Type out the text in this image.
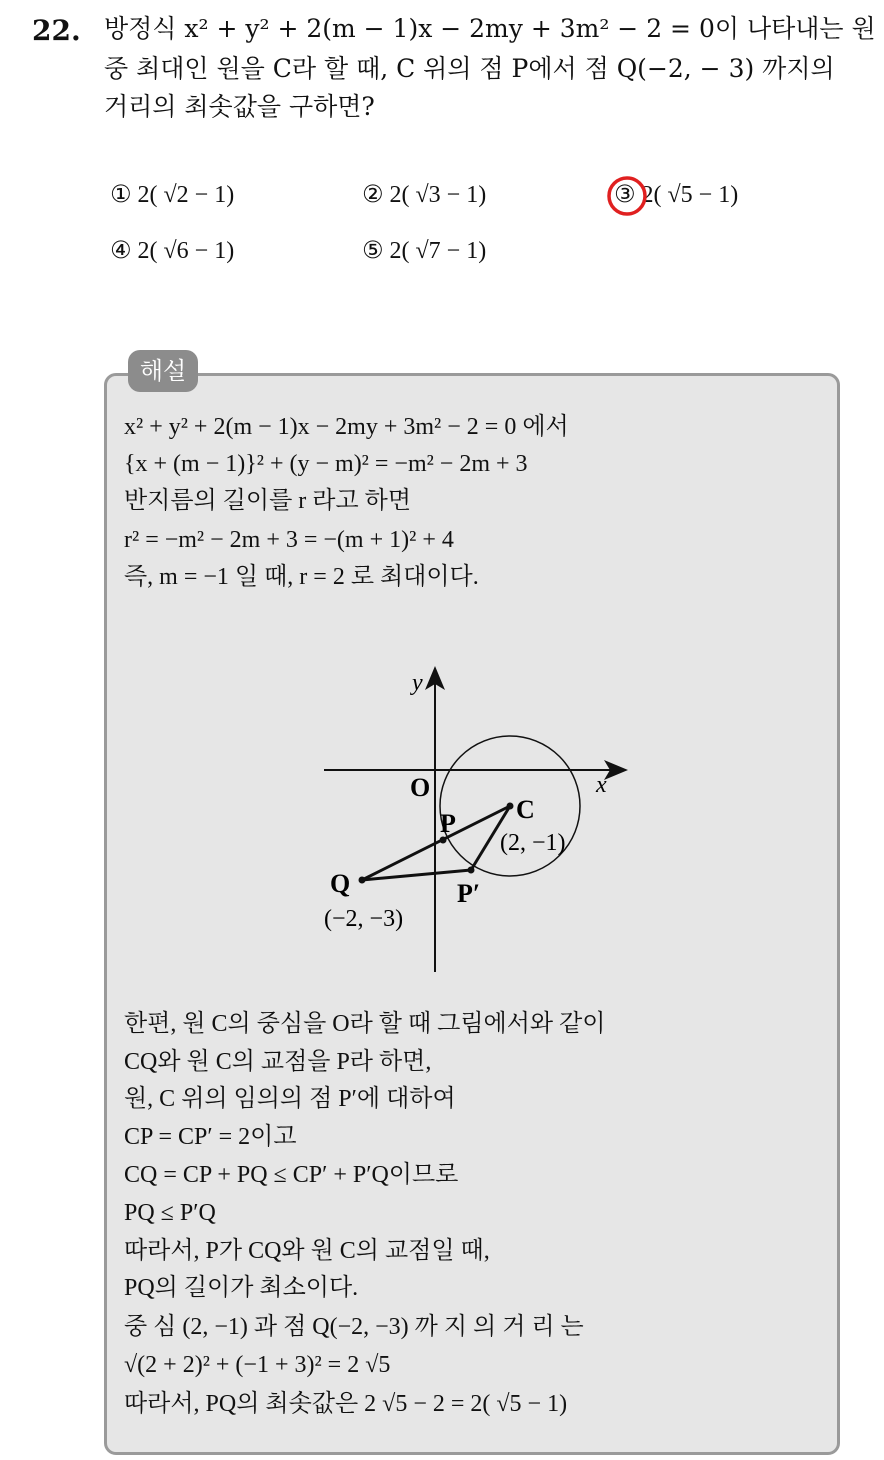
22. 방정식 x² + y² + 2(m − 1)x − 2my + 3m² − 2 = 0이 나타내는 원
중 최대인 원을 C라 할 때, C 위의 점 P에서 점 Q(−2, − 3) 까지의
거리의 최솟값을 구하면?
① 2( √2 − 1)	② 2( √3 − 1)	③ 2( √5 − 1)
④ 2( √6 − 1)	⑤ 2( √7 − 1)
해설
x² + y² + 2(m − 1)x − 2my + 3m² − 2 = 0 에서
{x + (m − 1)}² + (y − m)² = −m² − 2m + 3
반지름의 길이를 r 라고 하면
r² = −m² − 2m + 3 = −(m + 1)² + 4
즉, m = −1 일 때, r = 2 로 최대이다.
y
x
O
P C
(2, −1)
Q
(−2, −3)
P′
한편, 원 C의 중심을 O라 할 때 그림에서와 같이
CQ와 원 C의 교점을 P라 하면,
원, C 위의 임의의 점 P′에 대하여
CP = CP′ = 2이고
CQ = CP + PQ ≤ CP′ + P′Q이므로
PQ ≤ P′Q
따라서, P가 CQ와 원 C의 교점일 때,
PQ의 길이가 최소이다.
중 심 (2, −1) 과 점 Q(−2, −3) 까 지 의 거 리 는
√(2 + 2)² + (−1 + 3)² = 2 √5
따라서, PQ의 최솟값은 2 √5 − 2 = 2( √5 − 1)
